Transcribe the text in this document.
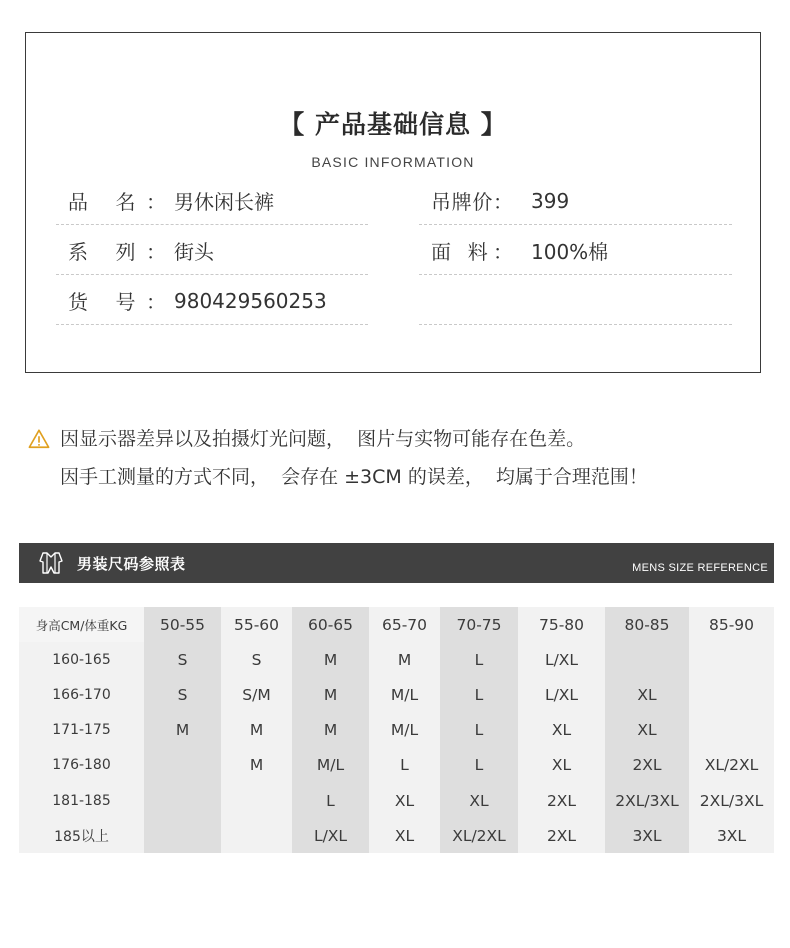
【 产品基础信息 】
BASIC INFORMATION
品 名： 男休闲长裤
系 列： 街头
货 号： 980429560253
吊牌价： 399
面 料： 100%棉
因显示器差异以及拍摄灯光问题，  图片与实物可能存在色差。
因手工测量的方式不同，  会存在 ±3CM 的误差，  均属于合理范围！
男装尺码参照表	MENS SIZE REFERENCE
身高CM/体重KG	50-55	55-60	60-65	65-70	70-75	75-80	80-85	85-90
160-165	S	S	M	M	L	L/XL		
166-170	S	S/M	M	M/L	L	L/XL	XL	
171-175	M	M	M	M/L	L	XL	XL	
176-180		M	M/L	L	L	XL	2XL	XL/2XL
181-185			L	XL	XL	2XL	2XL/3XL	2XL/3XL
185以上			L/XL	XL	XL/2XL	2XL	3XL	3XL
